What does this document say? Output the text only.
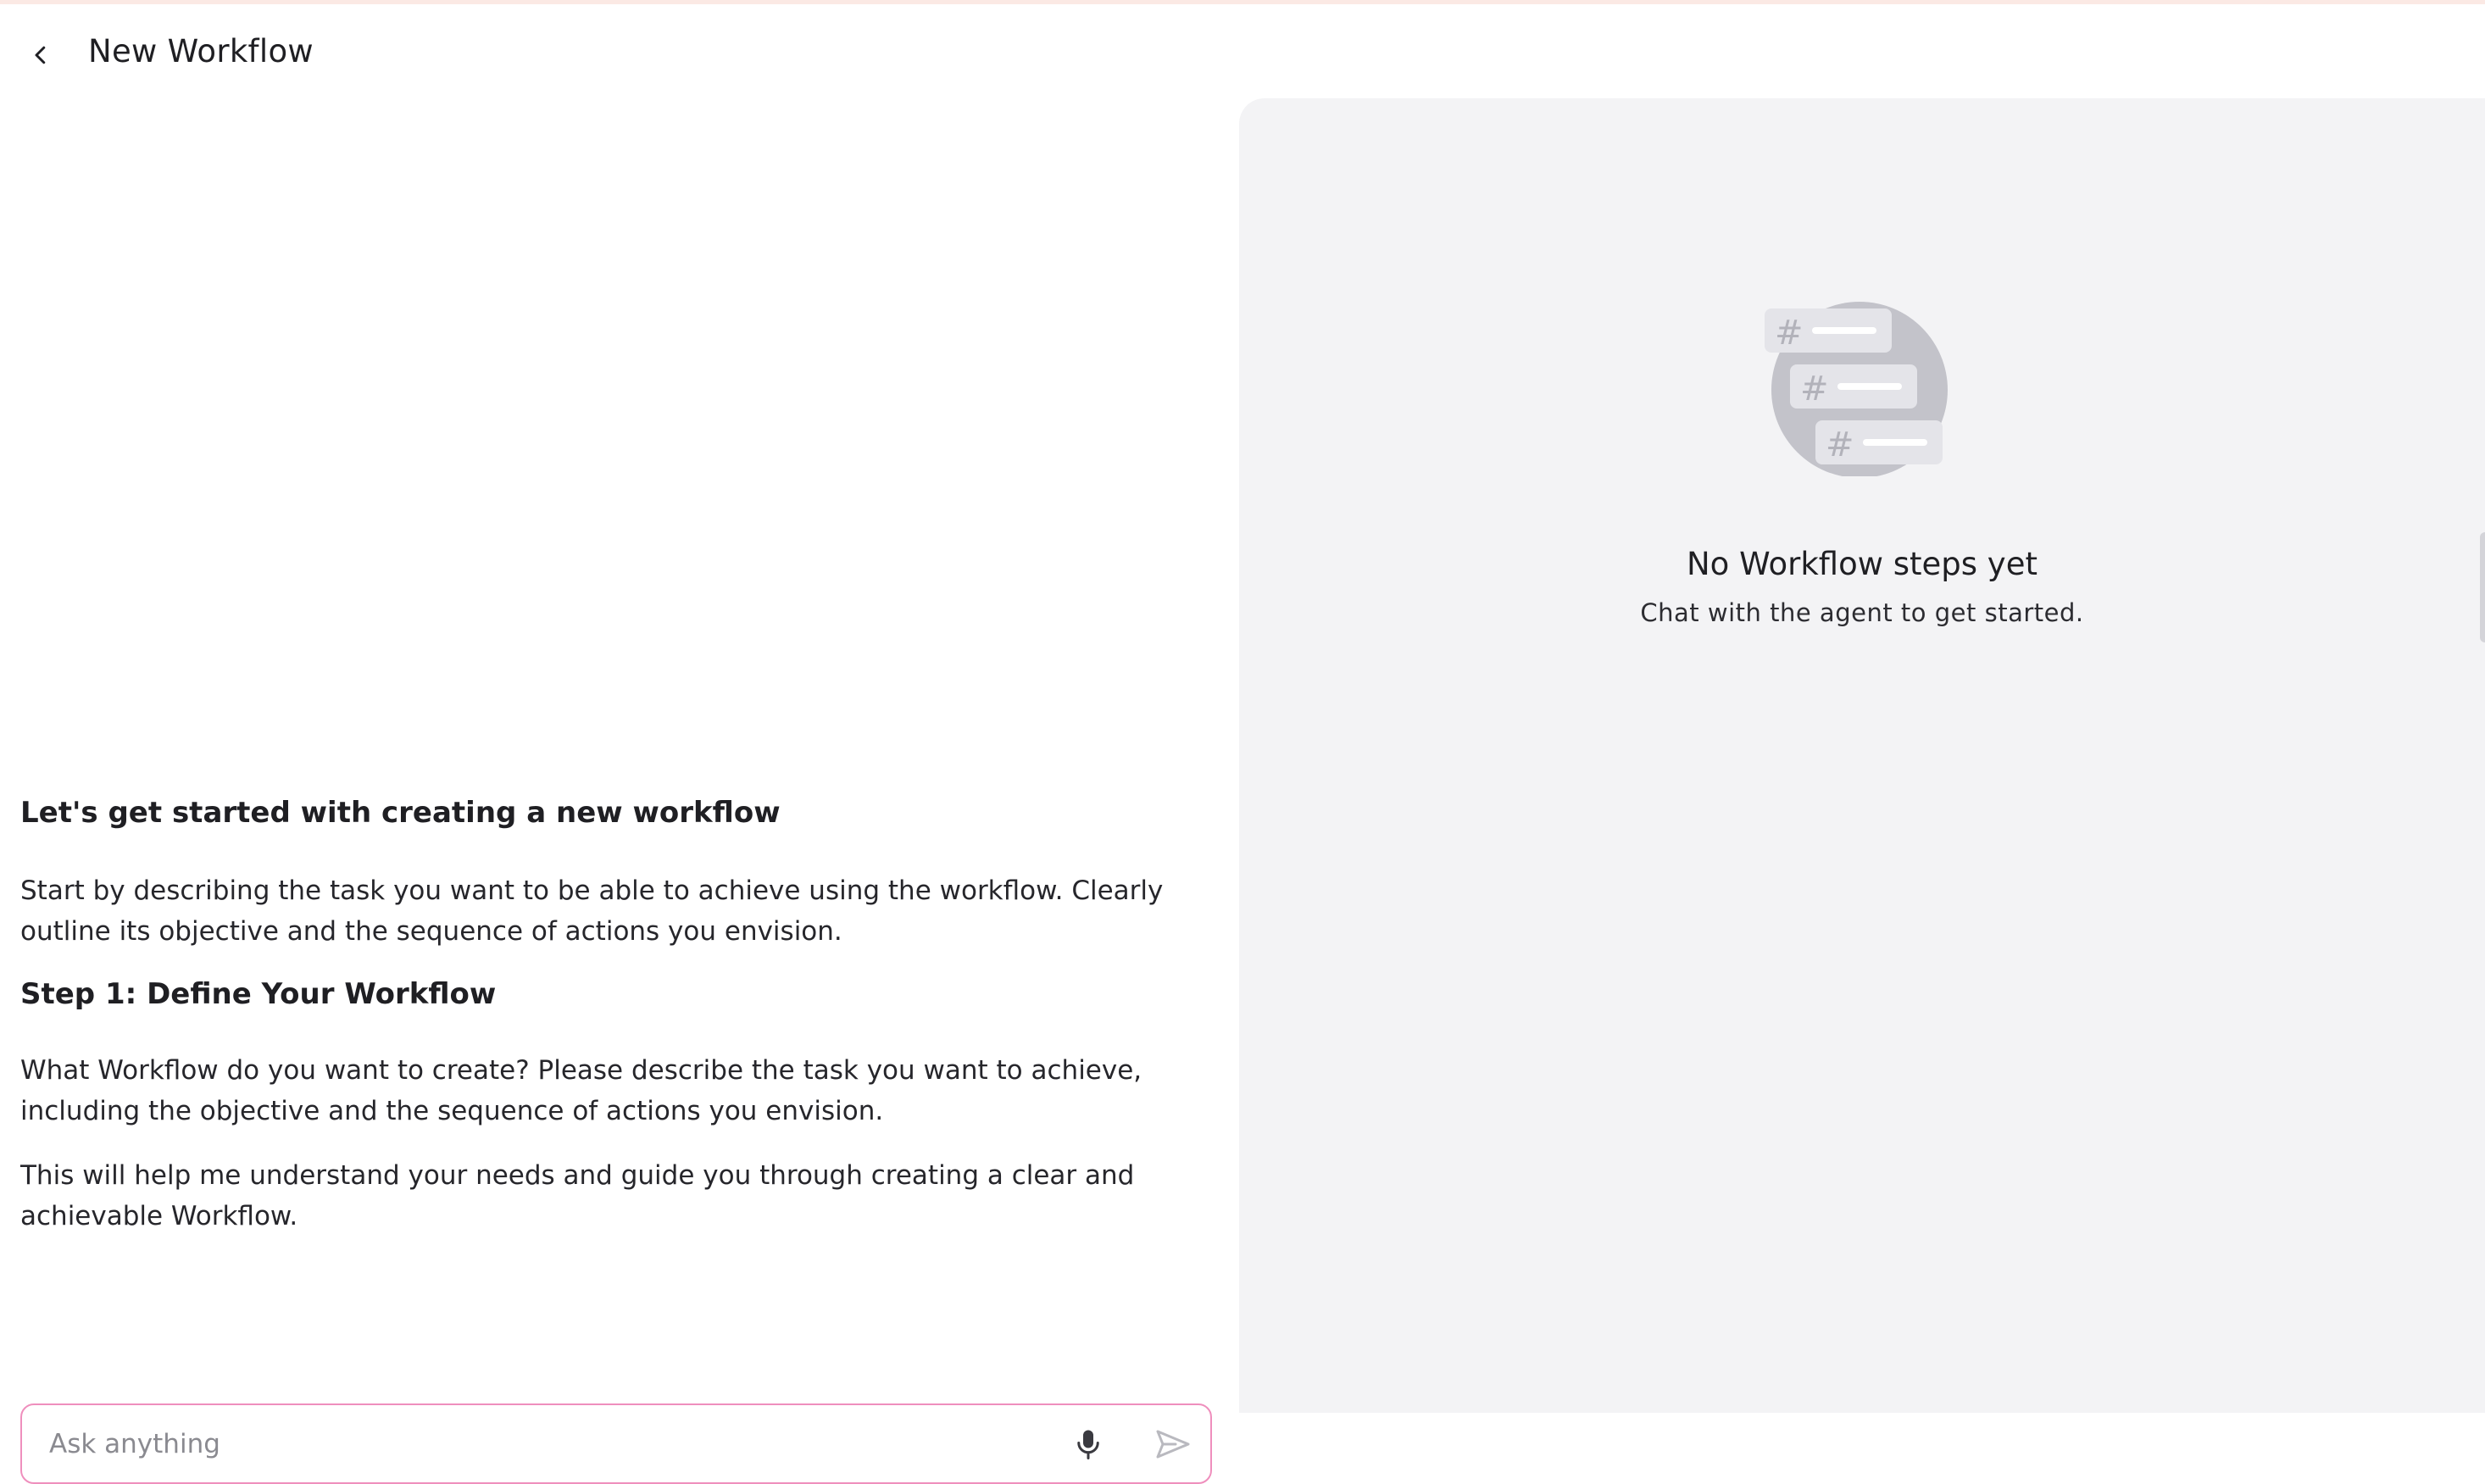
New Workflow
Let's get started with creating a new workflow

Start by describing the task you want to be able to achieve using the workflow. Clearly outline its objective and the sequence of actions you envision.

Step 1: Define Your Workflow

What Workflow do you want to create? Please describe the task you want to achieve, including the objective and the sequence of actions you envision.

This will help me understand your needs and guide you through creating a clear and achievable Workflow.

Ask anything
#
#
#
No Workflow steps yet
Chat with the agent to get started.
